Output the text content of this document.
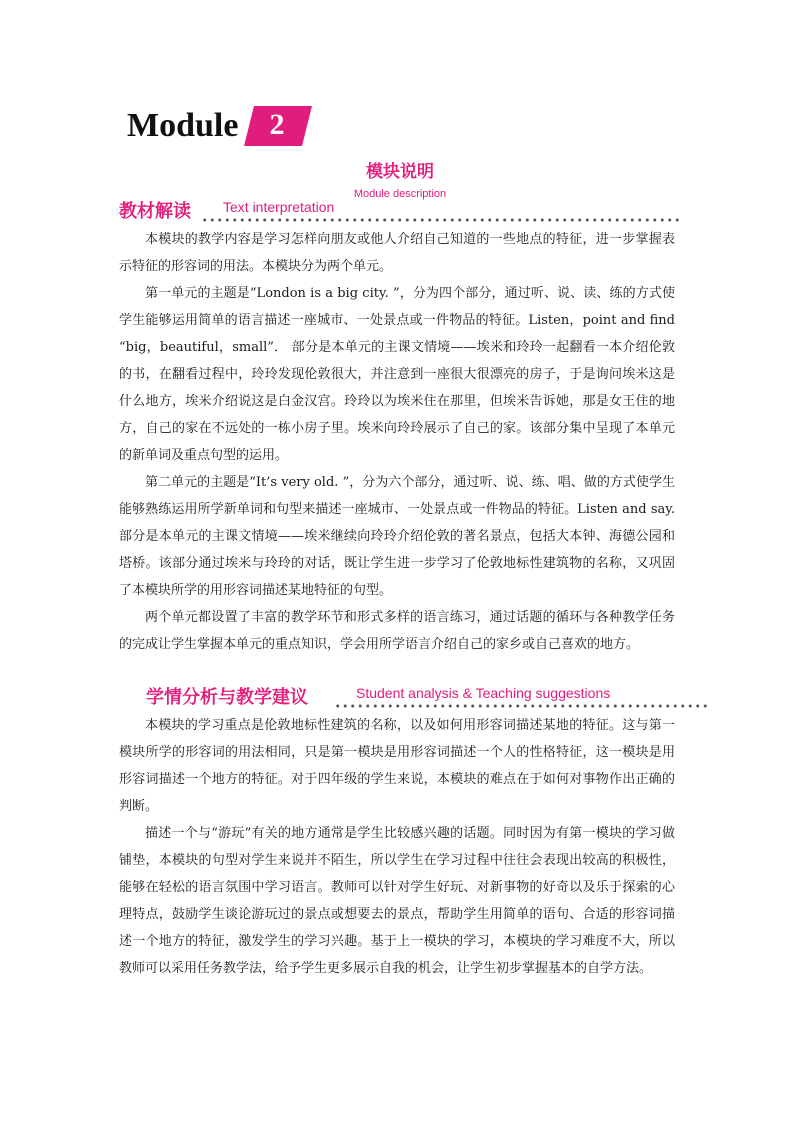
Module	2
模块说明
Module description
教材解读 Text interpretation

本模块的教学内容是学习怎样向朋友或他人介绍自己知道的一些地点的特征，进一步掌握表示特征的形容词的用法。本模块分为两个单元。

第一单元的主题是“London is a big city. ”，分为四个部分，通过听、说、读、练的方式使学生能够运用简单的语言描述一座城市、一处景点或一件物品的特征。Listen，point and find “big，beautiful，small”． 部分是本单元的主课文情境——埃米和玲玲一起翻看一本介绍伦敦的书，在翻看过程中，玲玲发现伦敦很大，并注意到一座很大很漂亮的房子，于是询问埃米这是什么地方，埃米介绍说这是白金汉宫。玲玲以为埃米住在那里，但埃米告诉她，那是女王住的地方，自己的家在不远处的一栋小房子里。埃米向玲玲展示了自己的家。该部分集中呈现了本单元的新单词及重点句型的运用。

第二单元的主题是“It’s very old. ”，分为六个部分，通过听、说、练、唱、做的方式使学生能够熟练运用所学新单词和句型来描述一座城市、一处景点或一件物品的特征。Listen and say. 部分是本单元的主课文情境——埃米继续向玲玲介绍伦敦的著名景点，包括大本钟、海德公园和塔桥。该部分通过埃米与玲玲的对话，既让学生进一步学习了伦敦地标性建筑物的名称，又巩固了本模块所学的用形容词描述某地特征的句型。

两个单元都设置了丰富的教学环节和形式多样的语言练习，通过话题的循环与各种教学任务的完成让学生掌握本单元的重点知识，学会用所学语言介绍自己的家乡或自己喜欢的地方。

学情分析与教学建议	Student analysis & Teaching suggestions

本模块的学习重点是伦敦地标性建筑的名称，以及如何用形容词描述某地的特征。这与第一模块所学的形容词的用法相同，只是第一模块是用形容词描述一个人的性格特征，这一模块是用形容词描述一个地方的特征。对于四年级的学生来说，本模块的难点在于如何对事物作出正确的判断。

描述一个与“游玩”有关的地方通常是学生比较感兴趣的话题。同时因为有第一模块的学习做铺垫，本模块的句型对学生来说并不陌生，所以学生在学习过程中往往会表现出较高的积极性，能够在轻松的语言氛围中学习语言。教师可以针对学生好玩、对新事物的好奇以及乐于探索的心理特点，鼓励学生谈论游玩过的景点或想要去的景点，帮助学生用简单的语句、合适的形容词描述一个地方的特征，激发学生的学习兴趣。基于上一模块的学习，本模块的学习难度不大，所以教师可以采用任务教学法，给予学生更多展示自我的机会，让学生初步掌握基本的自学方法。
